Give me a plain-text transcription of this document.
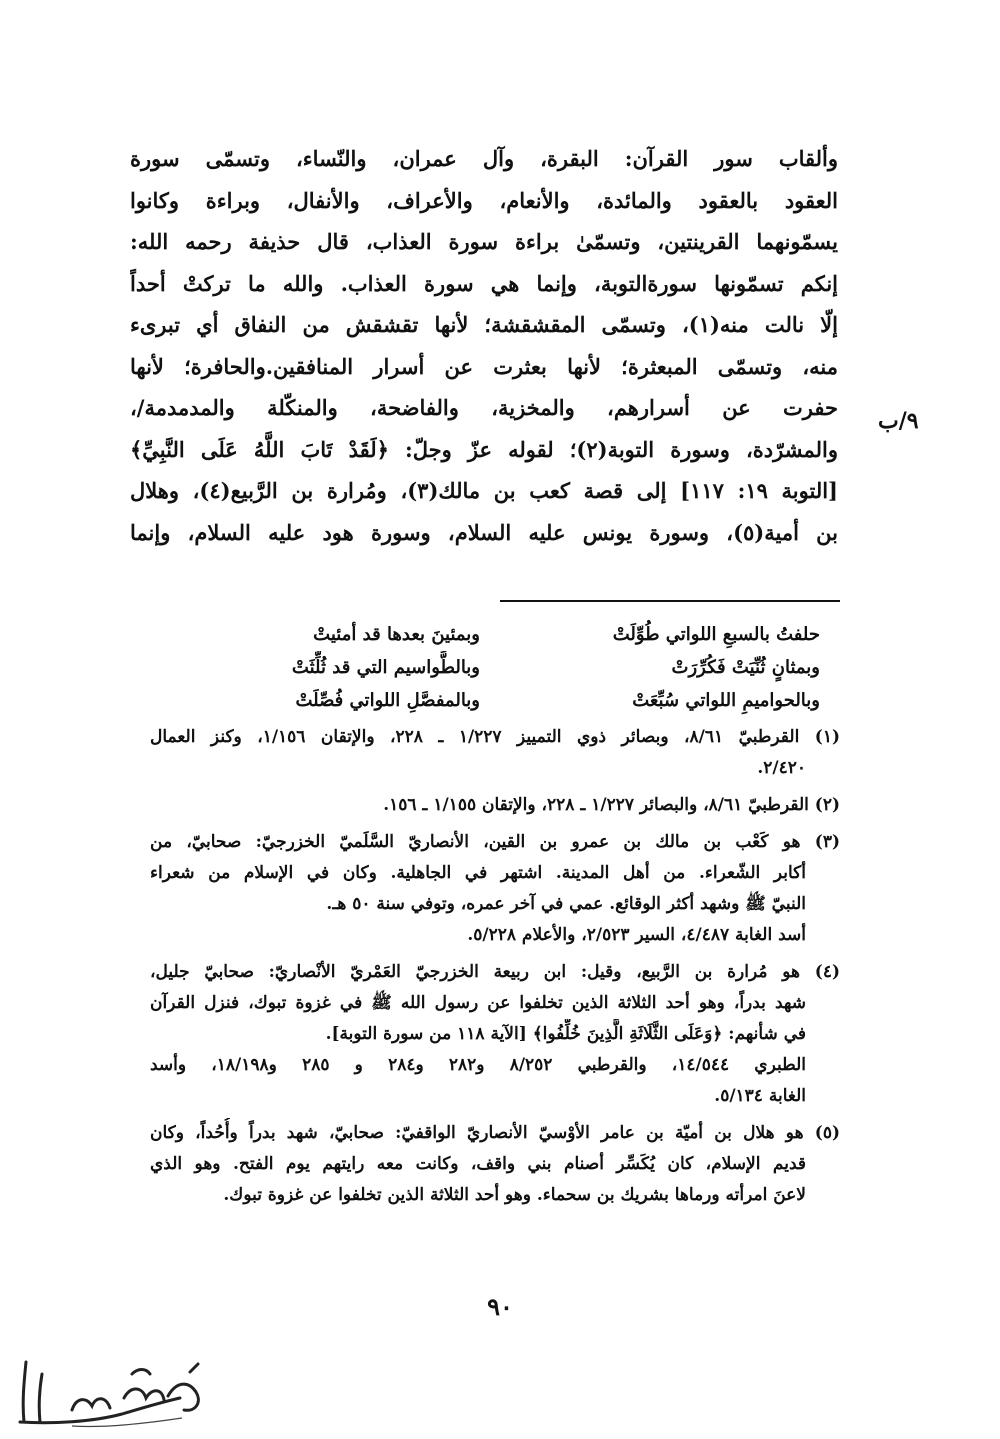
وألقاب سور القرآن: البقرة، وآل عمران، والنّساء، وتسمّى سورة
العقود بالعقود والمائدة، والأنعام، والأعراف، والأنفال، وبراءة وكانوا
يسمّونهما القرينتين، وتسمّىٰ براءة سورة العذاب، قال حذيفة رحمه الله:
إنكم تسمّونها سورةالتوبة، وإنما هي سورة العذاب. والله ما تركتْ أحداً
إلّا نالت منه(١)، وتسمّى المقشقشة؛ لأنها تقشقش من النفاق أي تبرىء
منه، وتسمّى المبعثرة؛ لأنها بعثرت عن أسرار المنافقين.والحافرة؛ لأنها
حفرت عن أسرارهم، والمخزية، والفاضحة، والمنكّلة والمدمدمة/،
والمشرّدة، وسورة التوبة(٢)؛ لقوله عزّ وجلّ: ﴿لَقَدْ تَابَ اللَّهُ عَلَى النَّبِيِّ﴾
[التوبة ١٩: ١١٧] إلى قصة كعب بن مالك(٣)، ومُرارة بن الرَّبيع(٤)، وهلال
بن أمية(٥)، وسورة يونس عليه السلام، وسورة هود عليه السلام، وإنما
٩/ب
حلفتُ بالسبعِ اللواتي طُوِّلَتْ
وبمئينَ بعدها قد أمئيتْ
وبمثانٍ ثُنِّيَتْ فَكُرِّرَتْ
وبالطَّواسيم التي قد ثُلِّثَتْ
وبالحواميمِ اللواتي سُبِّعَتْ
وبالمفصَّلِ اللواتي فُصِّلَتْ
(١) القرطبيّ ٨/٦١، وبصائر ذوي التمييز ١/٢٢٧ ـ ٢٢٨، والإتقان ١/١٥٦، وكنز العمال
٢/٤٢٠.
(٢) القرطبيّ ٨/٦١، والبصائر ١/٢٢٧ ـ ٢٢٨، والإتقان ١/١٥٥ ـ ١٥٦.
(٣) هو كَعْب بن مالك بن عمرو بن القين، الأنصاريّ السَّلَميّ الخزرجيّ: صحابيّ، من
أكابر الشّعراء. من أهل المدينة. اشتهر في الجاهلية. وكان في الإسلام من شعراء
النبيّ ﷺ وشهد أكثر الوقائع. عمي في آخر عمره، وتوفي سنة ٥٠ هـ.
أسد الغابة ٤/٤٨٧، السير ٢/٥٢٣، والأعلام ٥/٢٢٨.
(٤) هو مُرارة بن الرَّبيع، وقيل: ابن ربيعة الخزرجيّ العَمْريّ الأنْصاريّ: صحابيّ جليل،
شهد بدراً، وهو أحد الثلاثة الذين تخلفوا عن رسول الله ﷺ في غزوة تبوك، فنزل القرآن
في شأنهم: ﴿وَعَلَى الثَّلَاثَةِ الَّذِينَ خُلِّفُوا﴾ [الآية ١١٨ من سورة التوبة].
الطبري ١٤/٥٤٤، والقرطبي ٨/٢٥٢ و٢٨٢ و٢٨٤ و ٢٨٥ و١٨/١٩٨، وأسد
الغابة ٥/١٣٤.
(٥) هو هلال بن أميّة بن عامر الأوْسيّ الأنصاريّ الواقفيّ: صحابيّ، شهد بدراً وأُحُداً، وكان
قديم الإسلام، كان يُكَسِّر أصنام بني واقف، وكانت معه رايتهم يوم الفتح. وهو الذي
لاعنَ امرأته ورماها بشريك بن سحماء. وهو أحد الثلاثة الذين تخلفوا عن غزوة تبوك.
٩٠
